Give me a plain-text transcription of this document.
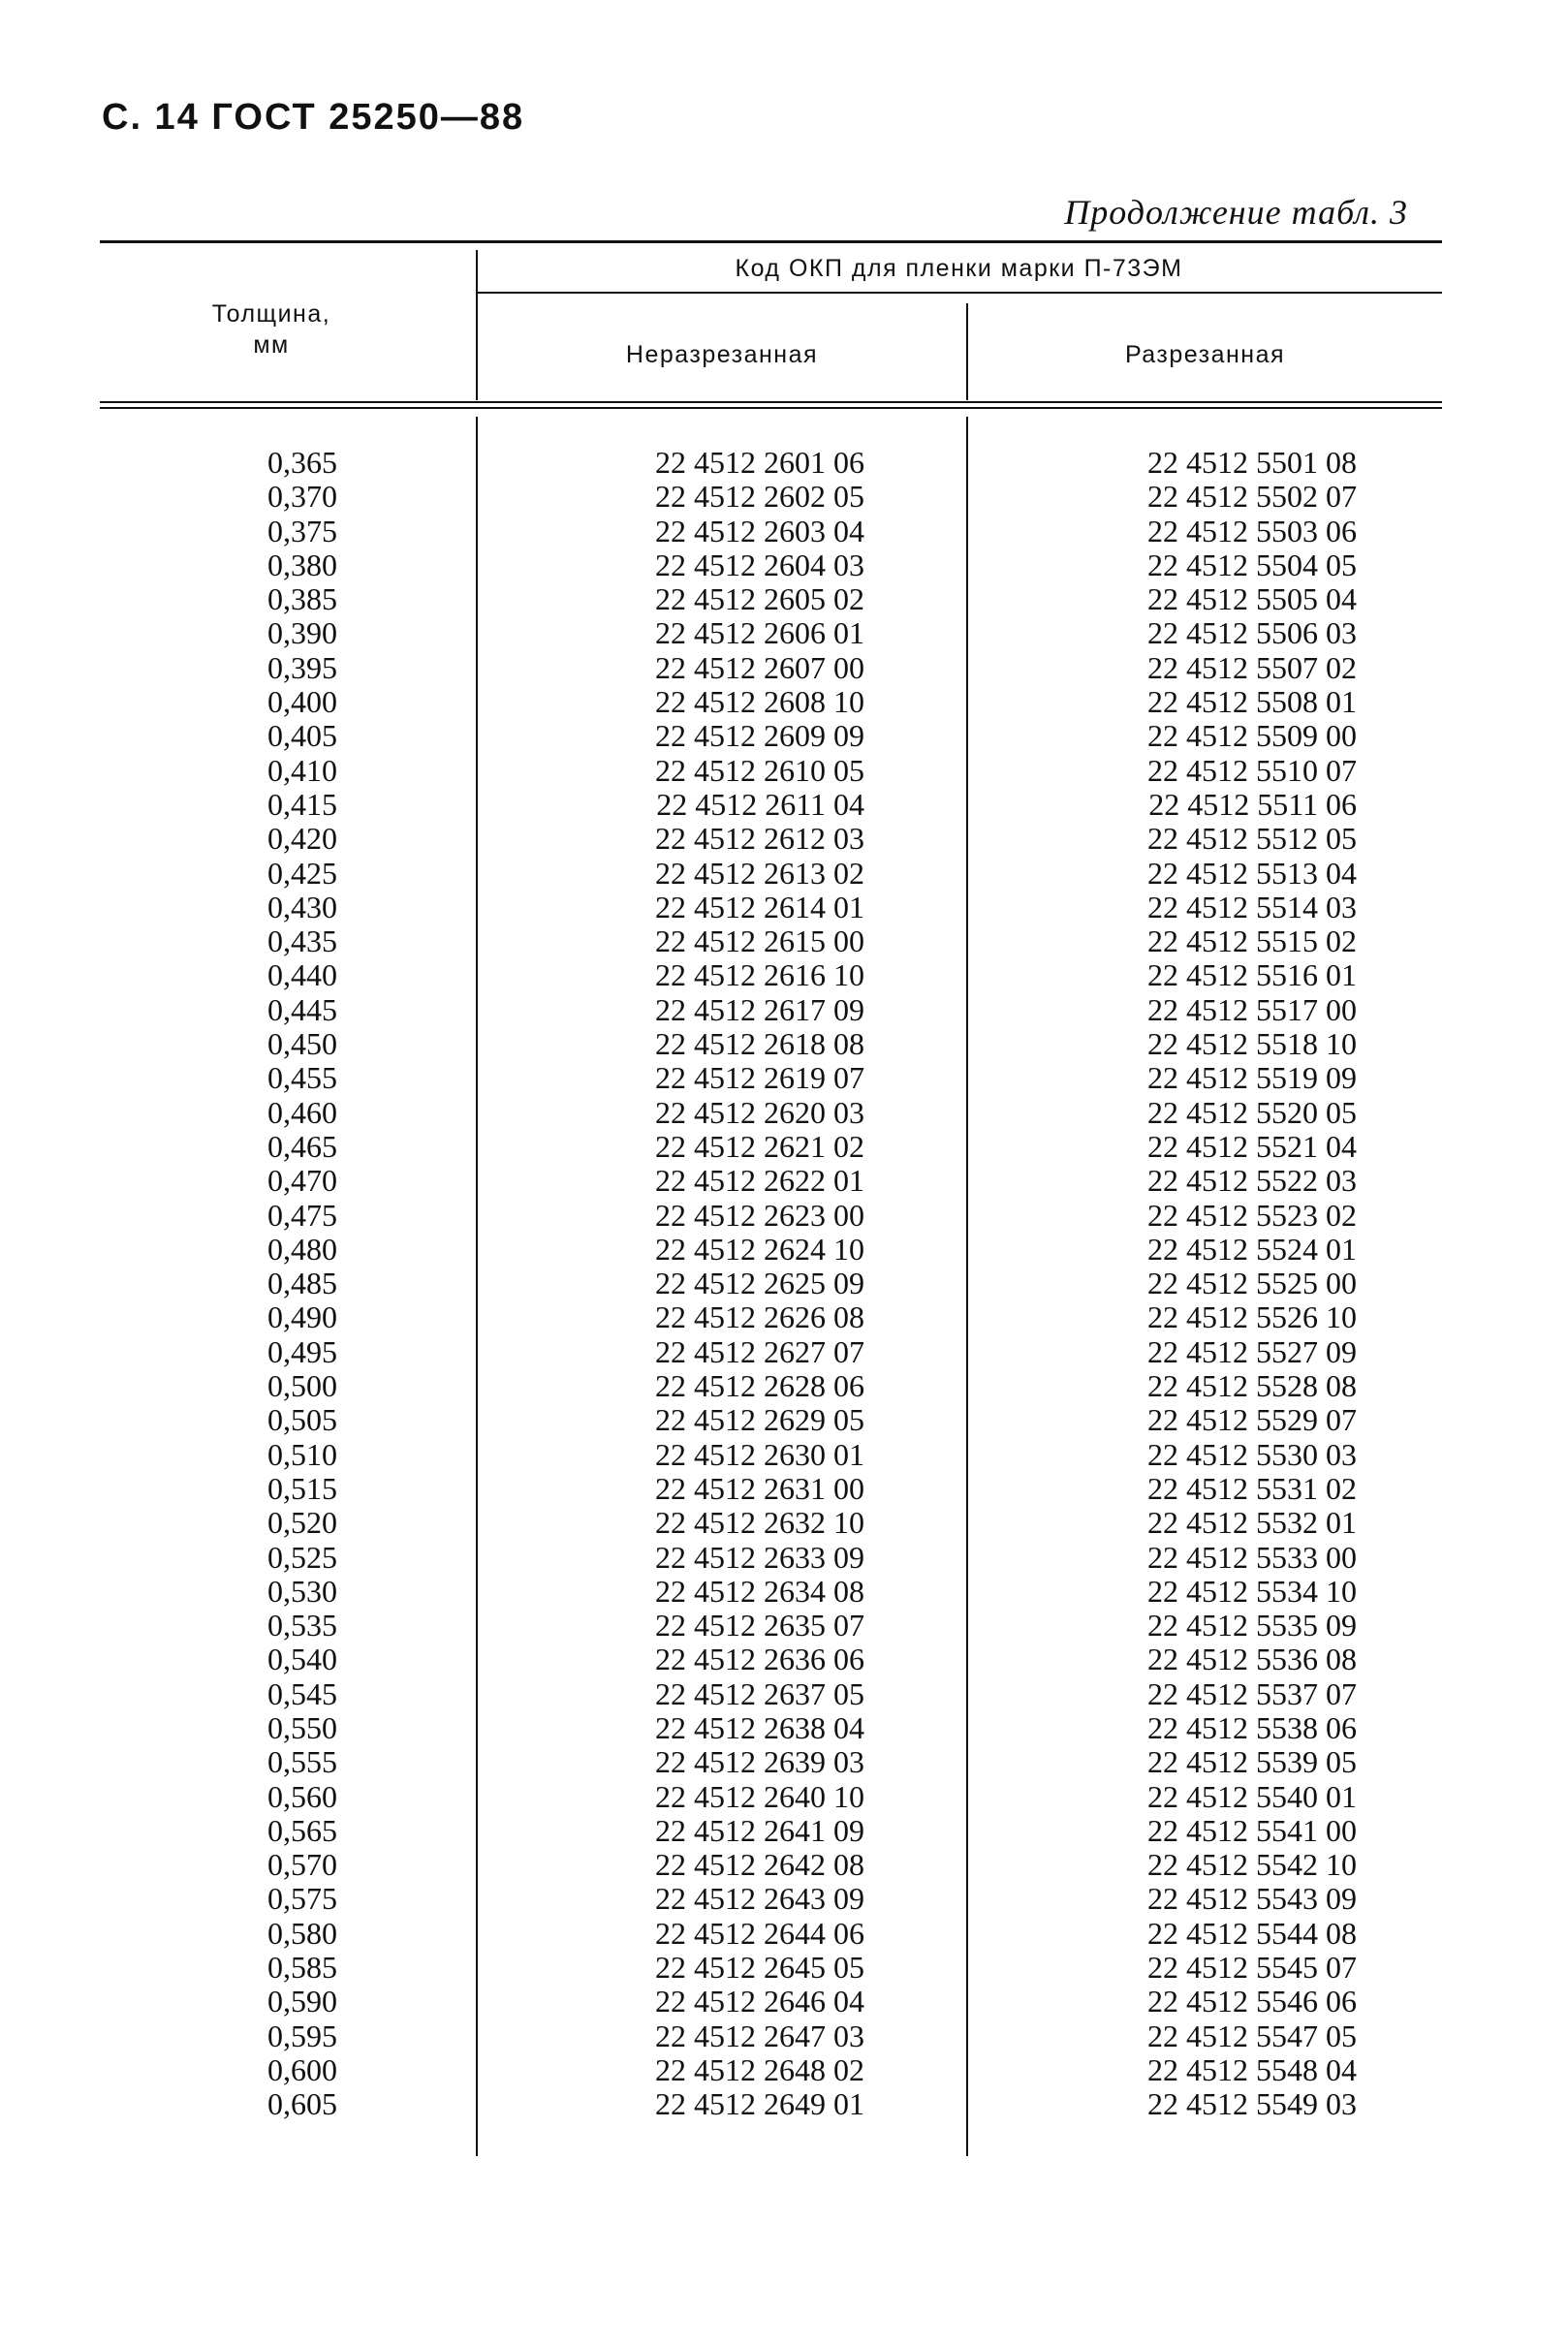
С. 14 ГОСТ 25250—88
Продолжение табл. 3
Код ОКП для пленки марки П-73ЭМ
Толщина, мм	Неразрезанная	Разрезанная
0,365	22 4512 2601 06	22 4512 5501 08
0,370	22 4512 2602 05	22 4512 5502 07
0,375	22 4512 2603 04	22 4512 5503 06
0,380	22 4512 2604 03	22 4512 5504 05
0,385	22 4512 2605 02	22 4512 5505 04
0,390	22 4512 2606 01	22 4512 5506 03
0,395	22 4512 2607 00	22 4512 5507 02
0,400	22 4512 2608 10	22 4512 5508 01
0,405	22 4512 2609 09	22 4512 5509 00
0,410	22 4512 2610 05	22 4512 5510 07
0,415	22 4512 2611 04	22 4512 5511 06
0,420	22 4512 2612 03	22 4512 5512 05
0,425	22 4512 2613 02	22 4512 5513 04
0,430	22 4512 2614 01	22 4512 5514 03
0,435	22 4512 2615 00	22 4512 5515 02
0,440	22 4512 2616 10	22 4512 5516 01
0,445	22 4512 2617 09	22 4512 5517 00
0,450	22 4512 2618 08	22 4512 5518 10
0,455	22 4512 2619 07	22 4512 5519 09
0,460	22 4512 2620 03	22 4512 5520 05
0,465	22 4512 2621 02	22 4512 5521 04
0,470	22 4512 2622 01	22 4512 5522 03
0,475	22 4512 2623 00	22 4512 5523 02
0,480	22 4512 2624 10	22 4512 5524 01
0,485	22 4512 2625 09	22 4512 5525 00
0,490	22 4512 2626 08	22 4512 5526 10
0,495	22 4512 2627 07	22 4512 5527 09
0,500	22 4512 2628 06	22 4512 5528 08
0,505	22 4512 2629 05	22 4512 5529 07
0,510	22 4512 2630 01	22 4512 5530 03
0,515	22 4512 2631 00	22 4512 5531 02
0,520	22 4512 2632 10	22 4512 5532 01
0,525	22 4512 2633 09	22 4512 5533 00
0,530	22 4512 2634 08	22 4512 5534 10
0,535	22 4512 2635 07	22 4512 5535 09
0,540	22 4512 2636 06	22 4512 5536 08
0,545	22 4512 2637 05	22 4512 5537 07
0,550	22 4512 2638 04	22 4512 5538 06
0,555	22 4512 2639 03	22 4512 5539 05
0,560	22 4512 2640 10	22 4512 5540 01
0,565	22 4512 2641 09	22 4512 5541 00
0,570	22 4512 2642 08	22 4512 5542 10
0,575	22 4512 2643 09	22 4512 5543 09
0,580	22 4512 2644 06	22 4512 5544 08
0,585	22 4512 2645 05	22 4512 5545 07
0,590	22 4512 2646 04	22 4512 5546 06
0,595	22 4512 2647 03	22 4512 5547 05
0,600	22 4512 2648 02	22 4512 5548 04
0,605	22 4512 2649 01	22 4512 5549 03
